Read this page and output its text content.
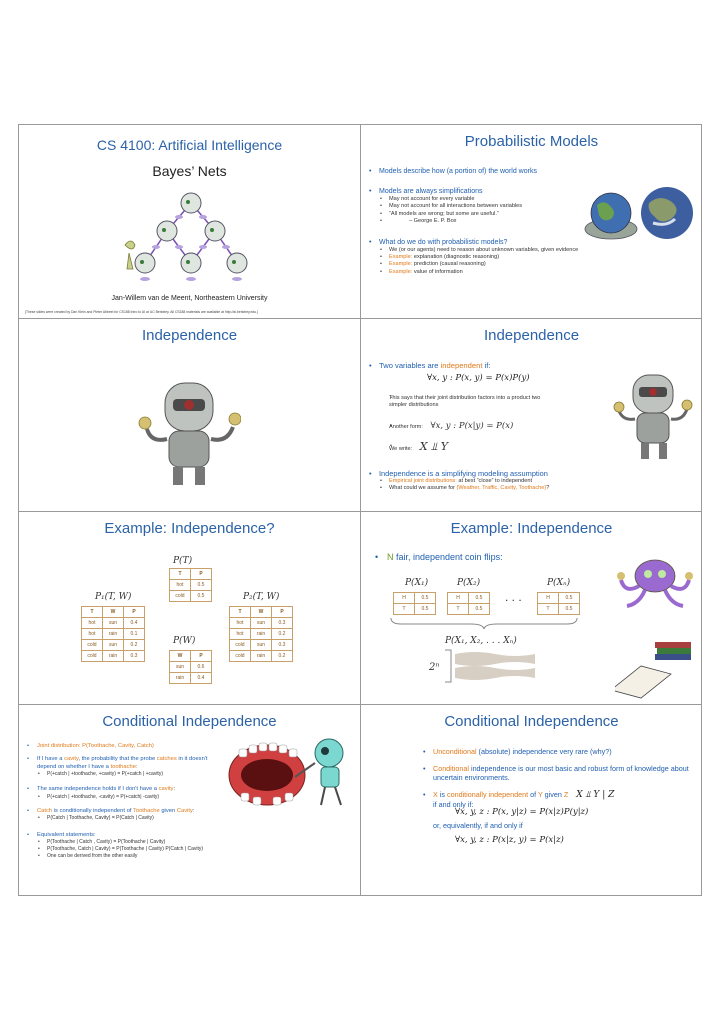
CS 4100: Artificial Intelligence
Bayes’ Nets
Jan-Willem van de Meent, Northeastern University
[These slides were created by Dan Klein and Pieter Abbeel for CS188 Intro to AI at UC Berkeley. All CS188 materials are available at http://ai.berkeley.edu.]
Probabilistic Models
• Models describe how (a portion of) the world works
• Models are always simplifications
• May not account for every variable
• May not account for all interactions between variables
• “All models are wrong; but some are useful.”
• – George E. P. Box
• What do we do with probabilistic models?
• We (or our agents) need to reason about unknown variables, given evidence
• Example: explanation (diagnostic reasoning)
• Example: prediction (causal reasoning)
• Example: value of information
Independence	Independence
• Two variables are independent if:
∀x, y : P(x, y) = P(x)P(y)
• This says that their joint distribution factors into a product two simpler distributions
• Another form: ∀x, y : P(x|y) = P(x)
• We write: X ⫫ Y
• Independence is a simplifying modeling assumption
• Empirical joint distributions: at best “close” to independent
• What could we assume for {Weather, Traffic, Cavity, Toothache}?
Example: Independence?
P(T)
T	P
hot	0.5
cold	0.5
P₁(T, W)
T	W	P
hot	sun	0.4
hot	rain	0.1
cold	sun	0.2
cold	rain	0.3
P₂(T, W)
T	W	P
hot	sun	0.3
hot	rain	0.2
cold	sun	0.3
cold	rain	0.2
P(W)
W	P
sun	0.6
rain	0.4
Example: Independence
• N fair, independent coin flips:
P(X₁)	P(X₂)	P(Xₙ)
H	0.5
T	0.5
H	0.5
T	0.5
. . .	H	0.5
T	0.5
P(X₁, X₂, . . . Xₙ)
2ⁿ
Conditional Independence
• Joint distribution: P(Toothache, Cavity, Catch)
• If I have a cavity, the probability that the probe catches in it doesn't depend on whether I have a toothache:
• P(+catch | +toothache, +cavity) = P(+catch | +cavity)
• The same independence holds if I don't have a cavity:
• P(+catch | +toothache, -cavity) = P(+catch| -cavity)
• Catch is conditionally independent of Toothache given Cavity:
• P(Catch | Toothache, Cavity) = P(Catch | Cavity)
• Equivalent statements:
• P(Toothache | Catch , Cavity) = P(Toothache | Cavity)
• P(Toothache, Catch | Cavity) = P(Toothache | Cavity) P(Catch | Cavity)
• One can be derived from the other easily
Conditional Independence
• Unconditional (absolute) independence very rare (why?)
• Conditional independence is our most basic and robust form of knowledge about uncertain environments.
• X is conditionally independent of Y given Z X ⫫ Y | Z
if and only if:
∀x, y, z : P(x, y|z) = P(x|z)P(y|z)
or, equivalently, if and only if
∀x, y, z : P(x|z, y) = P(x|z)
